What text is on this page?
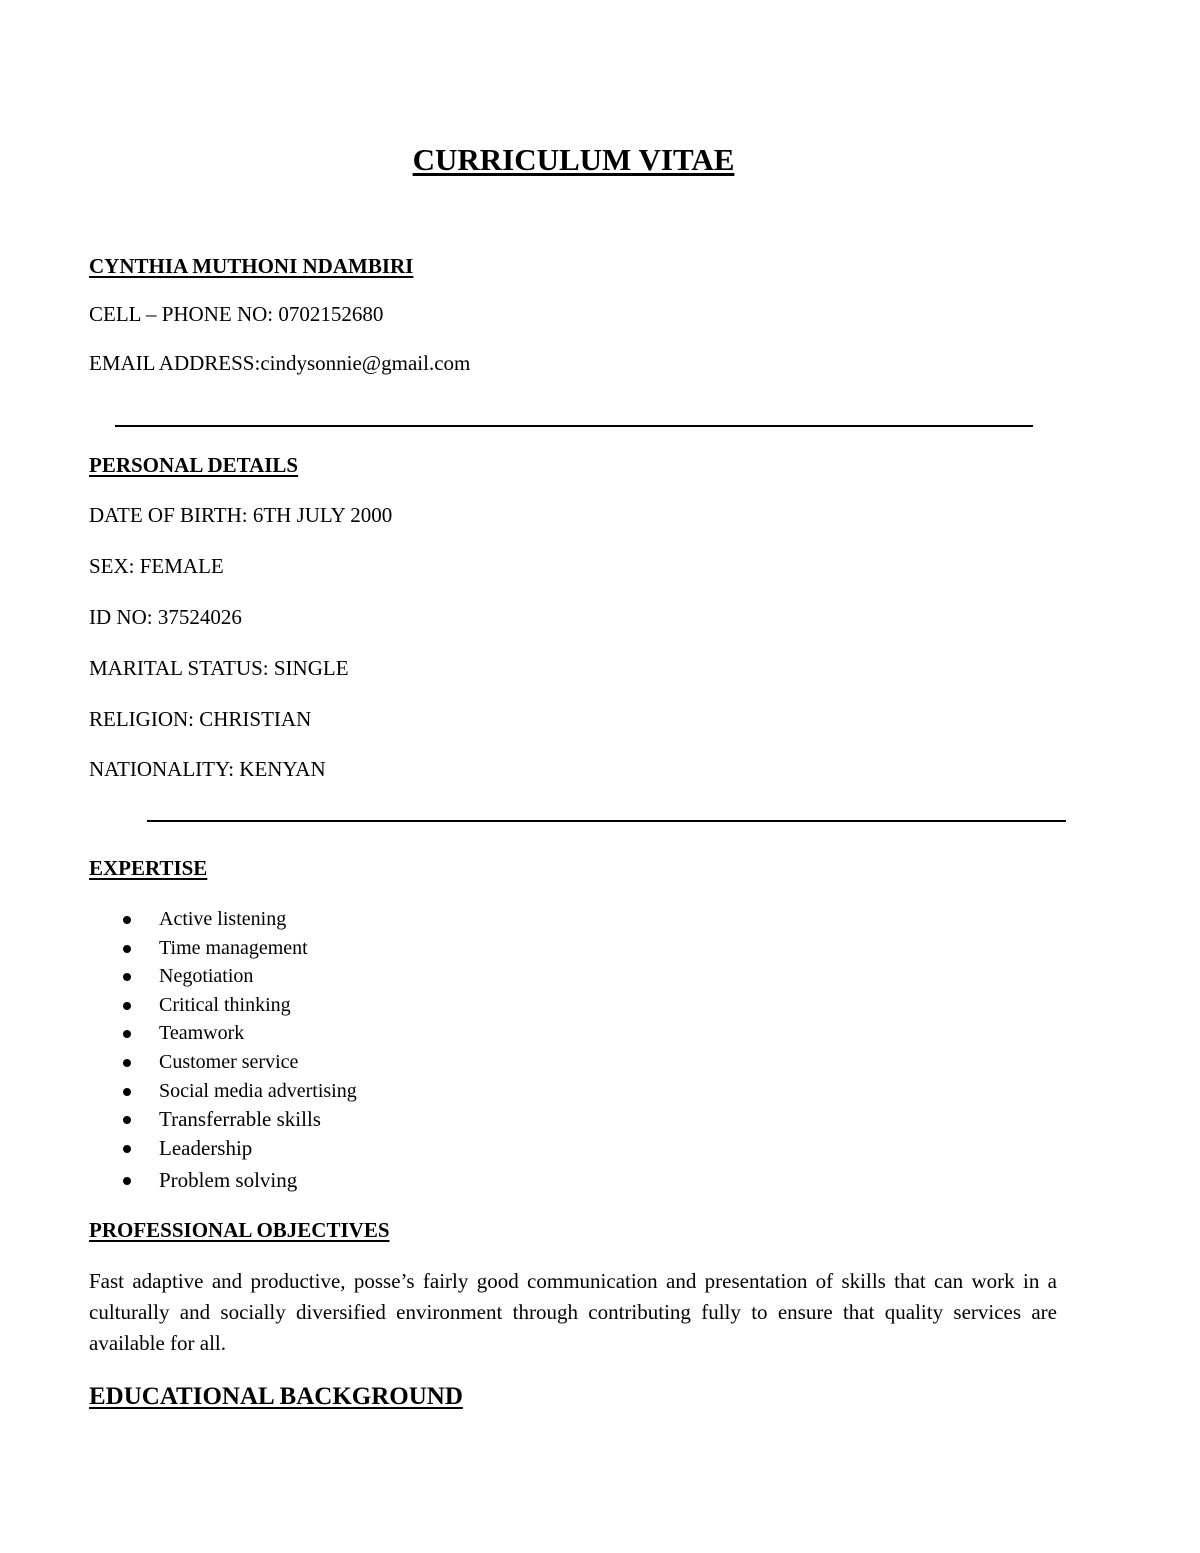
CURRICULUM VITAE
CYNTHIA MUTHONI NDAMBIRI
CELL – PHONE NO: 0702152680
EMAIL ADDRESS:cindysonnie@gmail.com
PERSONAL DETAILS
DATE OF BIRTH: 6TH JULY 2000
SEX: FEMALE
ID NO: 37524026
MARITAL STATUS: SINGLE
RELIGION: CHRISTIAN
NATIONALITY: KENYAN
EXPERTISE
Active listening
Time management
Negotiation
Critical thinking
Teamwork
Customer service
Social media advertising
Transferrable skills
Leadership
Problem solving
PROFESSIONAL OBJECTIVES

Fast adaptive and productive, posse’s fairly good communication and presentation of skills that can work in a culturally and socially diversified environment through contributing fully to ensure that quality services are available for all.

EDUCATIONAL BACKGROUND
